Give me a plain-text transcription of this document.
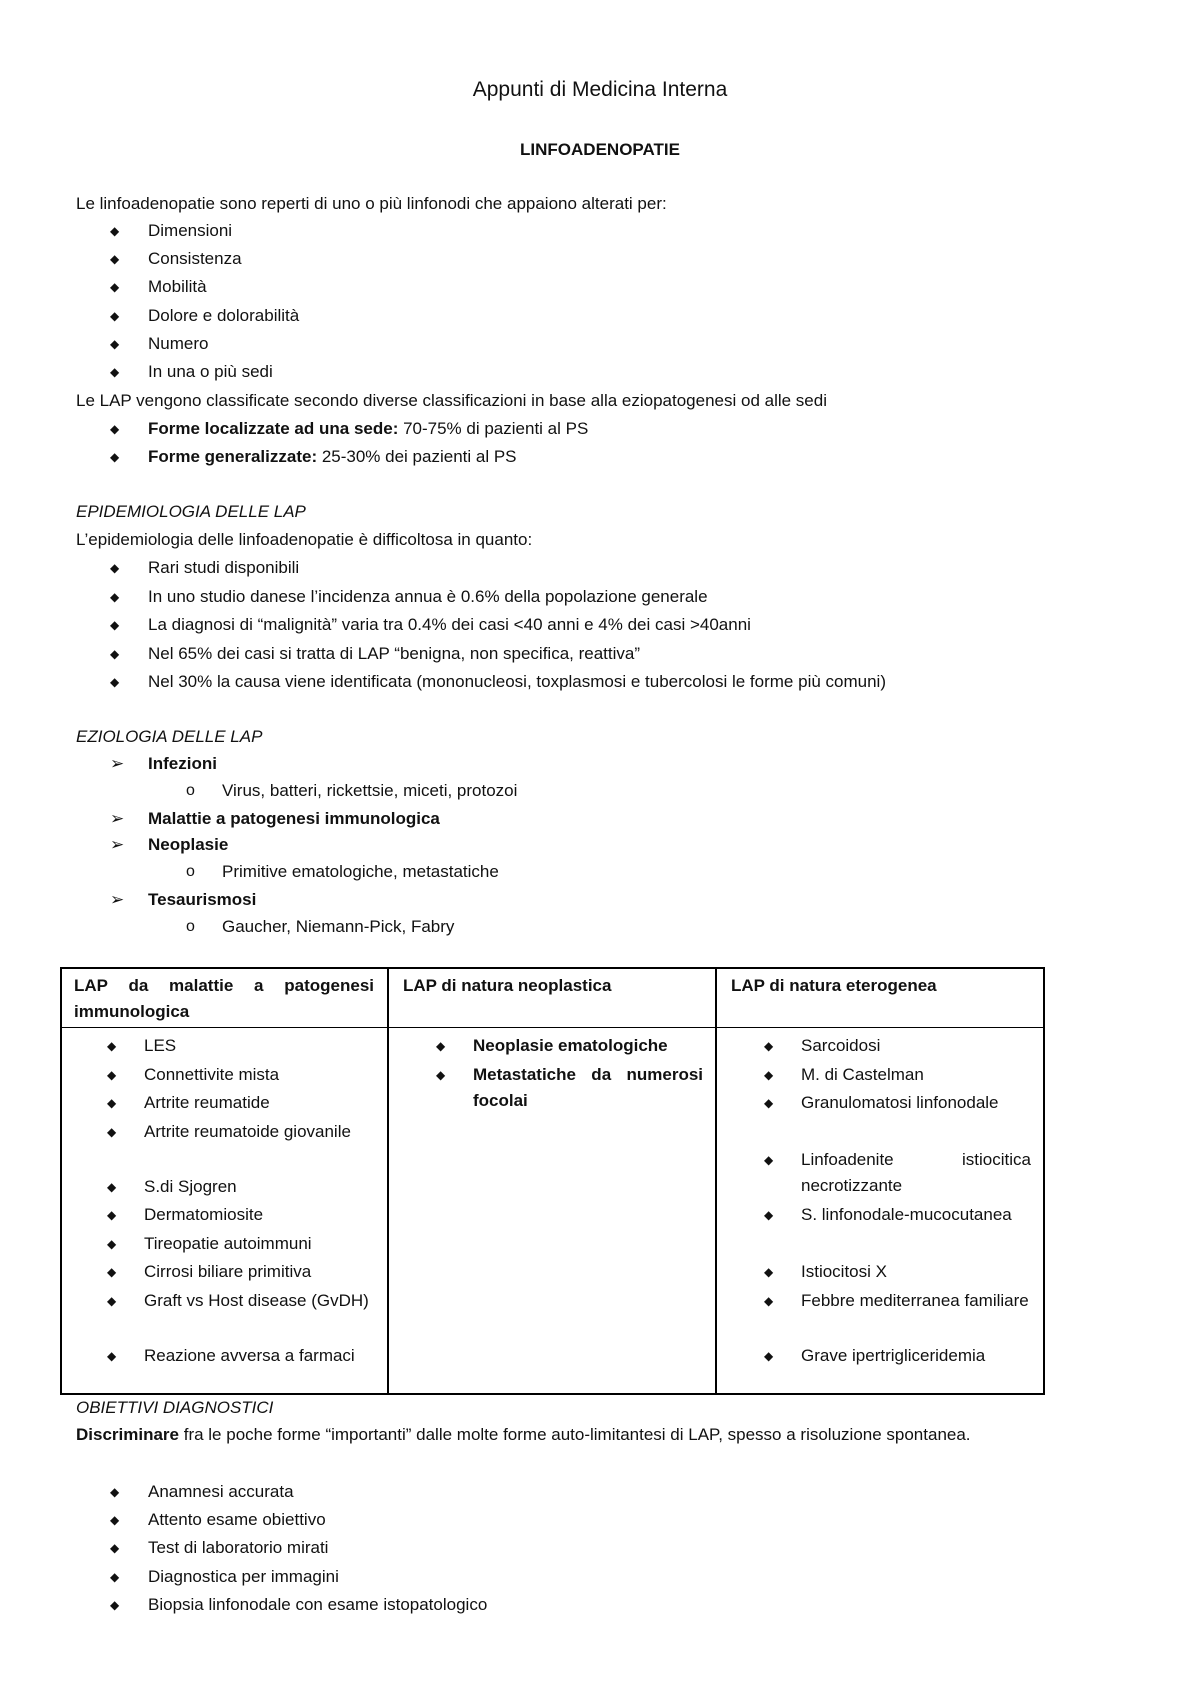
Appunti di Medicina Interna
LINFOADENOPATIE
Le linfoadenopatie sono reperti di uno o più linfonodi che appaiono alterati per:
◆ Dimensioni
◆ Consistenza
◆ Mobilità
◆ Dolore e dolorabilità
◆ Numero
◆ In una o più sedi
Le LAP vengono classificate secondo diverse classificazioni in base alla eziopatogenesi od alle sedi
◆ Forme localizzate ad una sede: 70-75% di pazienti al PS
◆ Forme generalizzate: 25-30% dei pazienti al PS
EPIDEMIOLOGIA DELLE LAP
L’epidemiologia delle linfoadenopatie è difficoltosa in quanto:
◆ Rari studi disponibili
◆ In uno studio danese l’incidenza annua è 0.6% della popolazione generale
◆ La diagnosi di “malignità” varia tra 0.4% dei casi <40 anni e 4% dei casi >40anni
◆ Nel 65% dei casi si tratta di LAP “benigna, non specifica, reattiva”
◆ Nel 30% la causa viene identificata (mononucleosi, toxplasmosi e tubercolosi le forme più comuni)
EZIOLOGIA DELLE LAP
➢ Infezioni
o Virus, batteri, rickettsie, miceti, protozoi
➢ Malattie a patogenesi immunologica
➢ Neoplasie
o Primitive ematologiche, metastatiche
➢ Tesaurismosi
o Gaucher, Niemann-Pick, Fabry
LAP da malattie a patogenesi immunologica
LAP di natura neoplastica	LAP di natura eterogenea
◆ LES
◆ Connettivite mista
◆ Artrite reumatide
◆ Artrite reumatoide giovanile
◆ S.di Sjogren
◆ Dermatomiosite
◆ Tireopatie autoimmuni
◆ Cirrosi biliare primitiva
◆ Graft vs Host disease (GvDH)
◆ Reazione avversa a farmaci
◆ Neoplasie ematologiche
◆ Metastatiche da numerosi focolai
◆ Sarcoidosi
◆ M. di Castelman
◆ Granulomatosi linfonodale
◆ Linfoadenite istiocitica necrotizzante
◆ S. linfonodale-mucocutanea
◆ Istiocitosi X
◆ Febbre mediterranea familiare
◆ Grave ipertrigliceridemia
OBIETTIVI DIAGNOSTICI
Discriminare fra le poche forme “importanti” dalle molte forme auto-limitantesi di LAP, spesso a risoluzione spontanea.
◆ Anamnesi accurata
◆ Attento esame obiettivo
◆ Test di laboratorio mirati
◆ Diagnostica per immagini
◆ Biopsia linfonodale con esame istopatologico
